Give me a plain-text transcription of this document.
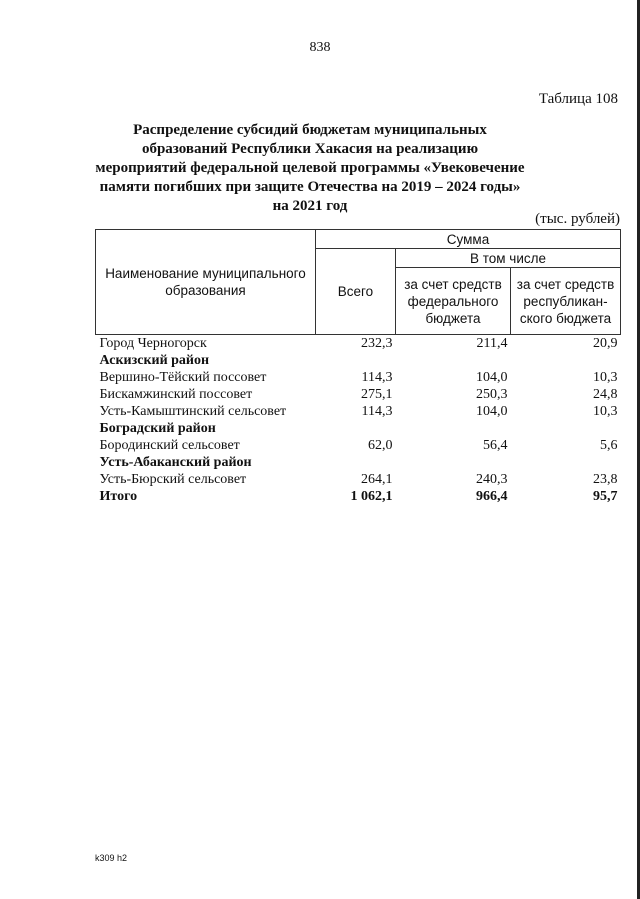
838
Таблица 108
Распределение субсидий бюджетам муниципальных образований Республики Хакасия на реализацию мероприятий федеральной целевой программы «Увековечение памяти погибших при защите Отечества на 2019 – 2024 годы» на 2021 год
(тыс. рублей)
Наименование муниципального образования	Сумма		
	Всего	В том числе	
		за счет средств федерального бюджета	за счет средств республикан-ского бюджета
Город Черногорск	232,3	211,4	20,9
Аскизский район			
Вершино-Тёйский поссовет	114,3	104,0	10,3
Бискамжинский поссовет	275,1	250,3	24,8
Усть-Камыштинский сельсовет	114,3	104,0	10,3
Боградский район			
Бородинский сельсовет	62,0	56,4	5,6
Усть-Абаканский район			
Усть-Бюрский сельсовет	264,1	240,3	23,8
Итого	1 062,1	966,4	95,7
k309 h2
